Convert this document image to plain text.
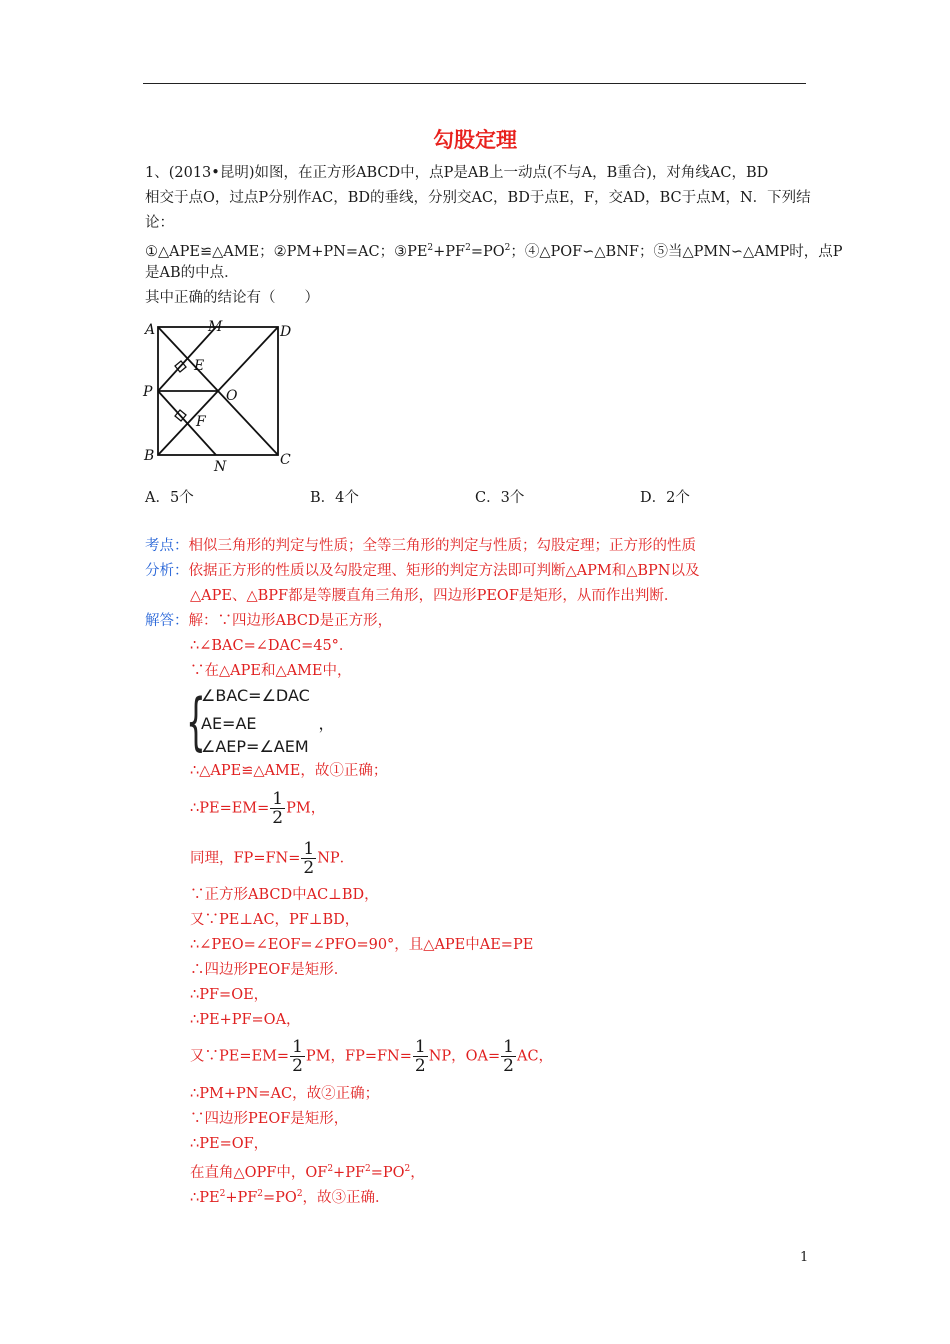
勾股定理
1、(2013•昆明)如图，在正方形ABCD中，点P是AB上一动点(不与A，B重合)，对角线AC，BD
相交于点O，过点P分别作AC，BD的垂线，分别交AC，BD于点E，F，交AD，BC于点M，N．下列结
论：
①△APE≌△AME；②PM+PN=AC；$③PE^2+PF^2=PO^2$；④△POF∽△BNF；⑤当△PMN∽△AMP时，点P
是AB的中点．
其中正确的结论有（　　）
A	M	D
E
P	O
F
B
N	C
A．5个	B．4个	C．3个	D．2个
考点：相似三角形的判定与性质；全等三角形的判定与性质；勾股定理；正方形的性质
分析：依据正方形的性质以及勾股定理、矩形的判定方法即可判断△APM和△BPN以及
△APE、△BPF都是等腰直角三角形，四边形PEOF是矩形，从而作出判断．
解答：解：∵四边形ABCD是正方形，
∴∠BAC=∠DAC=45°．
∵在△APE和△AME中，
{
∠BAC=∠DAC
AE=AE	，
∠AEP=∠AEM
∴△APE≌△AME，故①正确；
∴PE=EM= $\frac{1}{2}$ PM，
同理，$FP=FN= \frac{1}{2}$ NP．
∵正方形ABCD中AC⊥BD，
又∵PE⊥AC，PF⊥BD，
∴∠PEO=∠EOF=∠PFO=90°，且△APE中AE=PE
∴四边形PEOF是矩形．
∴PF=OE，
∴PE+PF=OA，
又∵PE=EM= $\frac{1}{2}$ PM，$FP=FN= \frac{1}{2}$ NP，$OA= \frac{1}{2}$ AC，
∴PM+PN=AC，故②正确；
∵四边形PEOF是矩形，
∴PE=OF，
在直角△OPF中，$OF^2+PF^2=PO^2$，
$\therefore PE^2+PF^2=PO^2$，故③正确．
1
